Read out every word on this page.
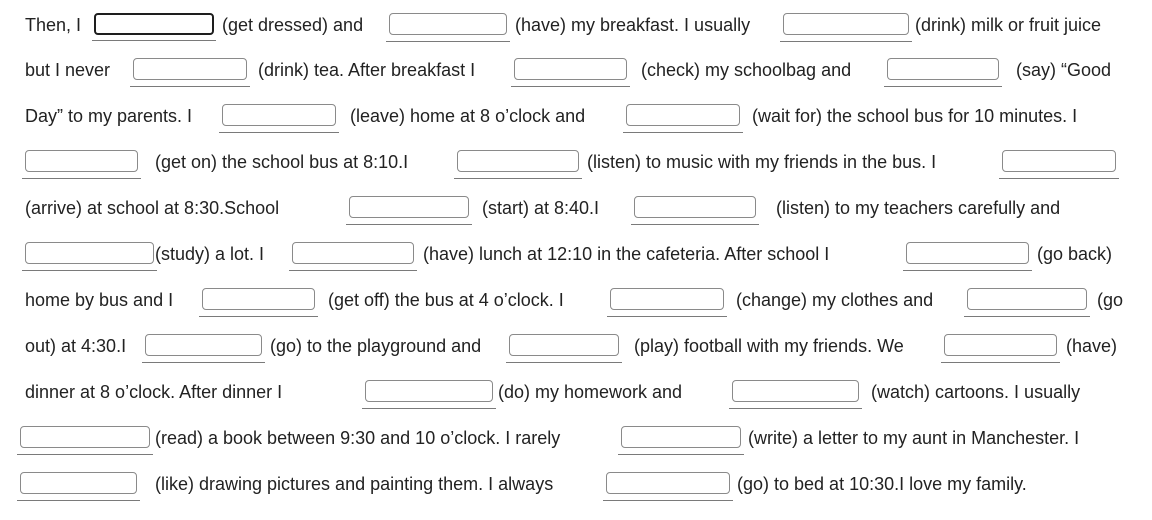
Then, I	(get dressed) and	(have) my breakfast. I usually	(drink) milk or fruit juice
but I never	(drink) tea. After breakfast I	(check) my schoolbag and	(say) “Good
Day” to my parents. I	(leave) home at 8 o’clock and	(wait for) the school bus for 10 minutes. I
(get on) the school bus at 8:10.I	(listen) to music with my friends in the bus. I
(arrive) at school at 8:30.School	(start) at 8:40.I	(listen) to my teachers carefully and
(study) a lot. I	(have) lunch at 12:10 in the cafeteria. After school I	(go back)
home by bus and I	(get off) the bus at 4 o’clock. I	(change) my clothes and	(go
out) at 4:30.I	(go) to the playground and	(play) football with my friends. We	(have)
dinner at 8 o’clock. After dinner I	(do) my homework and	(watch) cartoons. I usually
(read) a book between 9:30 and 10 o’clock. I rarely	(write) a letter to my aunt in Manchester. I
(like) drawing pictures and painting them. I always	(go) to bed at 10:30.I love my family.
